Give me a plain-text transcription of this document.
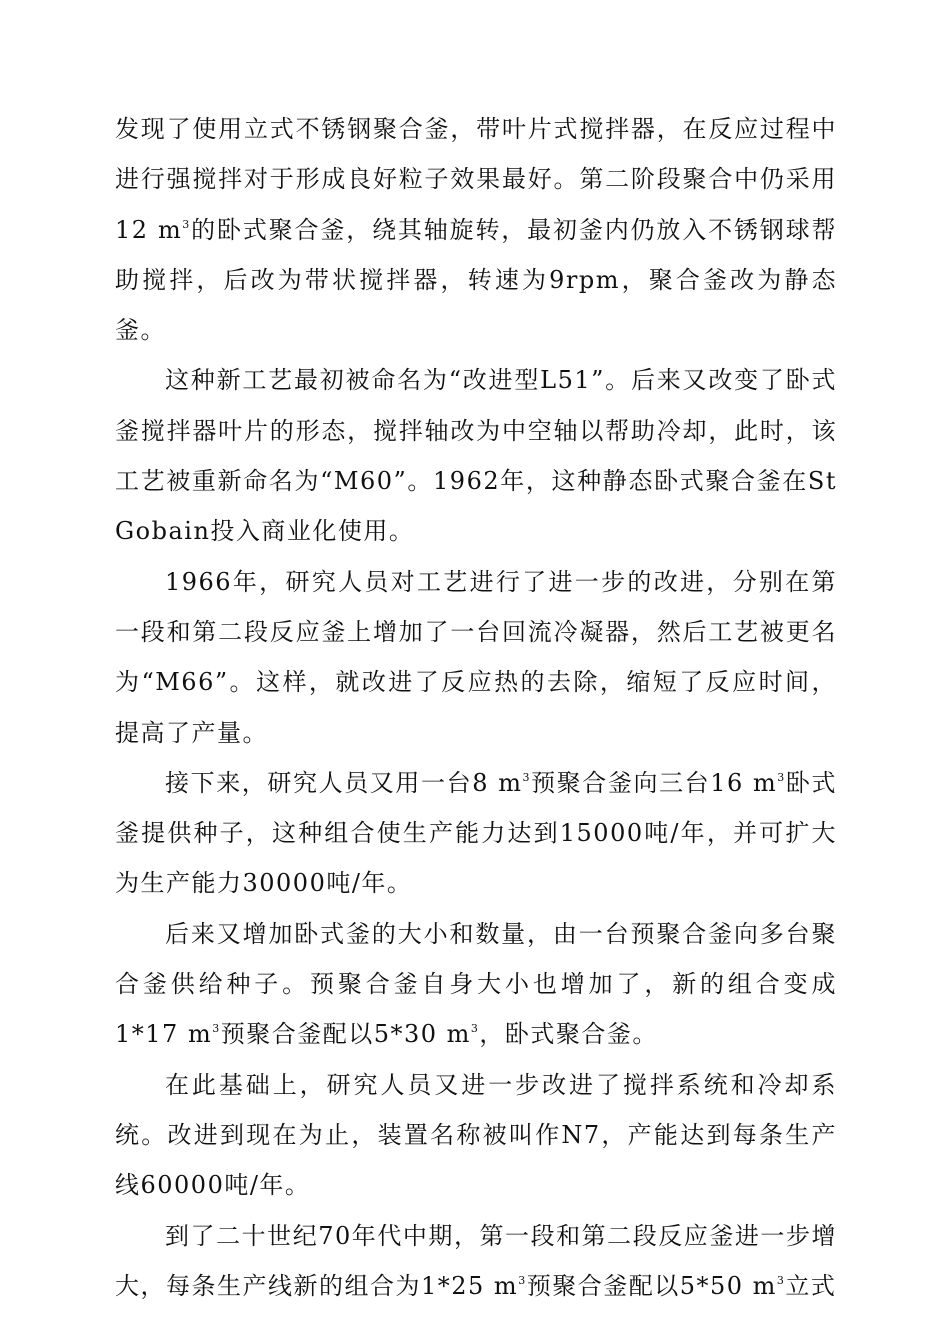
发现了使用立式不锈钢聚合釜，带叶片式搅拌器，在反应过程中进行强搅拌对于形成良好粒子效果最好。第二阶段聚合中仍采用12 $m^3$的卧式聚合釜，绕其轴旋转，最初釜内仍放入不锈钢球帮助搅拌，后改为带状搅拌器，转速为9rpm，聚合釜改为静态釜。

这种新工艺最初被命名为“改进型L51”。后来又改变了卧式釜搅拌器叶片的形态，搅拌轴改为中空轴以帮助冷却，此时，该工艺被重新命名为“M60”。1962年，这种静态卧式聚合釜在St Gobain投入商业化使用。

1966年，研究人员对工艺进行了进一步的改进，分别在第一段和第二段反应釜上增加了一台回流冷凝器，然后工艺被更名为“M66”。这样，就改进了反应热的去除，缩短了反应时间，提高了产量。

接下来，研究人员又用一台8 $m^3$预聚合釜向三台16 $m^3$卧式釜提供种子，这种组合使生产能力达到15000吨/年，并可扩大为生产能力30000吨/年。

后来又增加卧式釜的大小和数量，由一台预聚合釜向多台聚合釜供给种子。预聚合釜自身大小也增加了，新的组合变成1*17 $m^3$预聚合釜配以5*30 $m^3$，卧式聚合釜。

在此基础上，研究人员又进一步改进了搅拌系统和冷却系统。改进到现在为止，装置名称被叫作N7，产能达到每条生产线60000吨/年。

到了二十世纪70年代中期，第一段和第二段反应釜进一步增大，每条生产线新的组合为1*25 $m^3$预聚合釜配以5*50 $m^3$立式
